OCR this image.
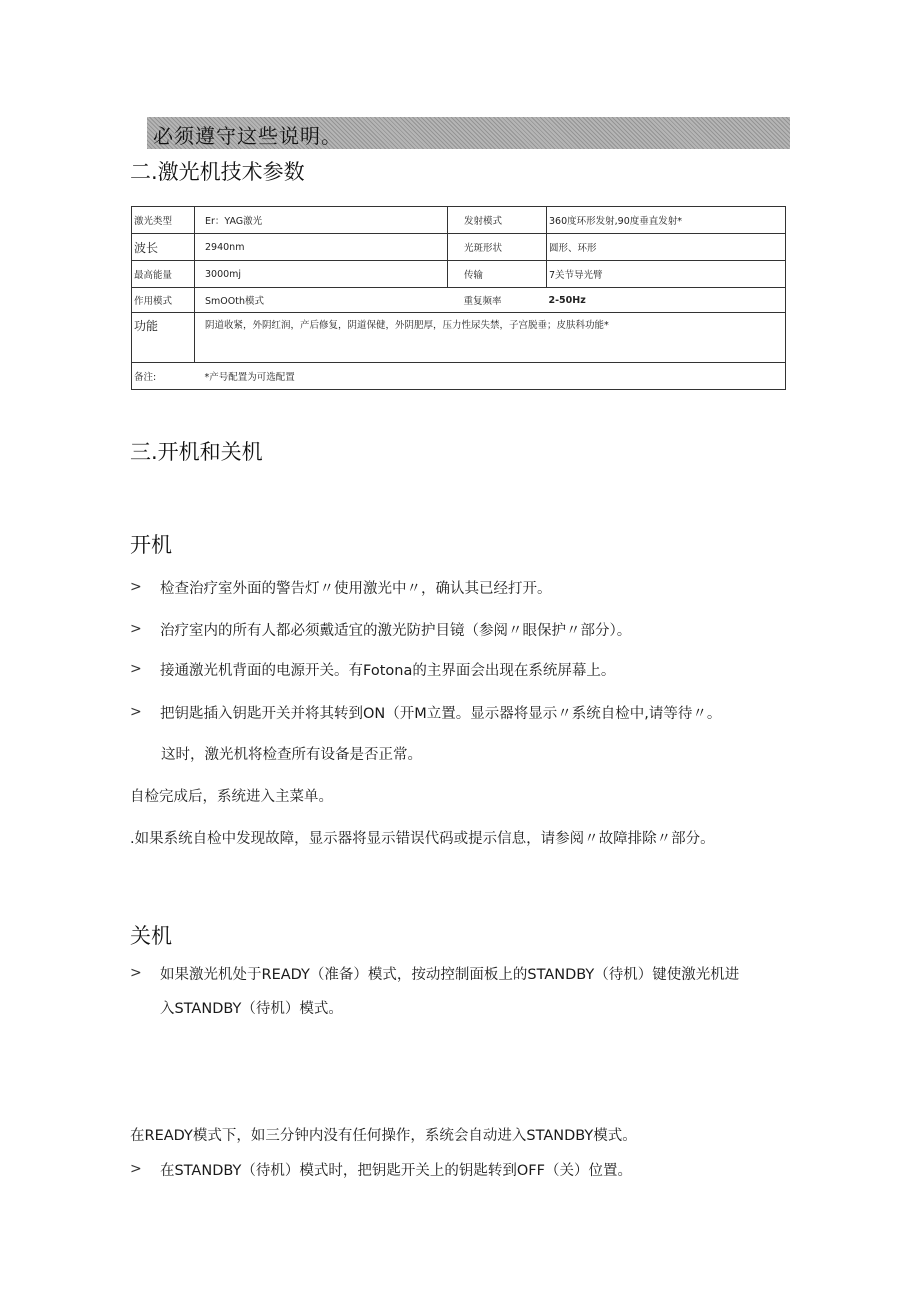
必须遵守这些说明。
二.激光机技术参数
激光类型	Er：YAG激光	发射模式	360度环形发射,90度垂直发射*
波长	2940nm	光斑形状	圆形、环形
最高能量	3000mj	传输	7关节导光臂
作用模式	SmOOth模式	重复频率	2-50Hz
功能	阴道收紧，外阴红润，产后修复，阴道保健，外阴肥厚，压力性尿失禁，子宫脱垂；皮肤科功能*		
备注:	*产号配置为可选配置		
三.开机和关机
开机
> 检查治疗室外面的警告灯〃使用激光中〃，确认其已经打开。
> 治疗室内的所有人都必须戴适宜的激光防护目镜（参阅〃眼保护〃部分）。
> 接通激光机背面的电源开关。有Fotona的主界面会出现在系统屏幕上。
> 把钥匙插入钥匙开关并将其转到ON（开M立置。显示器将显示〃系统自检中,请等待〃。
这时，激光机将检查所有设备是否正常。
自检完成后，系统进入主菜单。
.如果系统自检中发现故障，显示器将显示错误代码或提示信息，请参阅〃故障排除〃部分。
关机
> 如果激光机处于READY（准备）模式，按动控制面板上的STANDBY（待机）键使激光机进
入STANDBY（待机）模式。
在READY模式下，如三分钟内没有任何操作，系统会自动进入STANDBY模式。
> 在STANDBY（待机）模式时，把钥匙开关上的钥匙转到OFF（关）位置。
